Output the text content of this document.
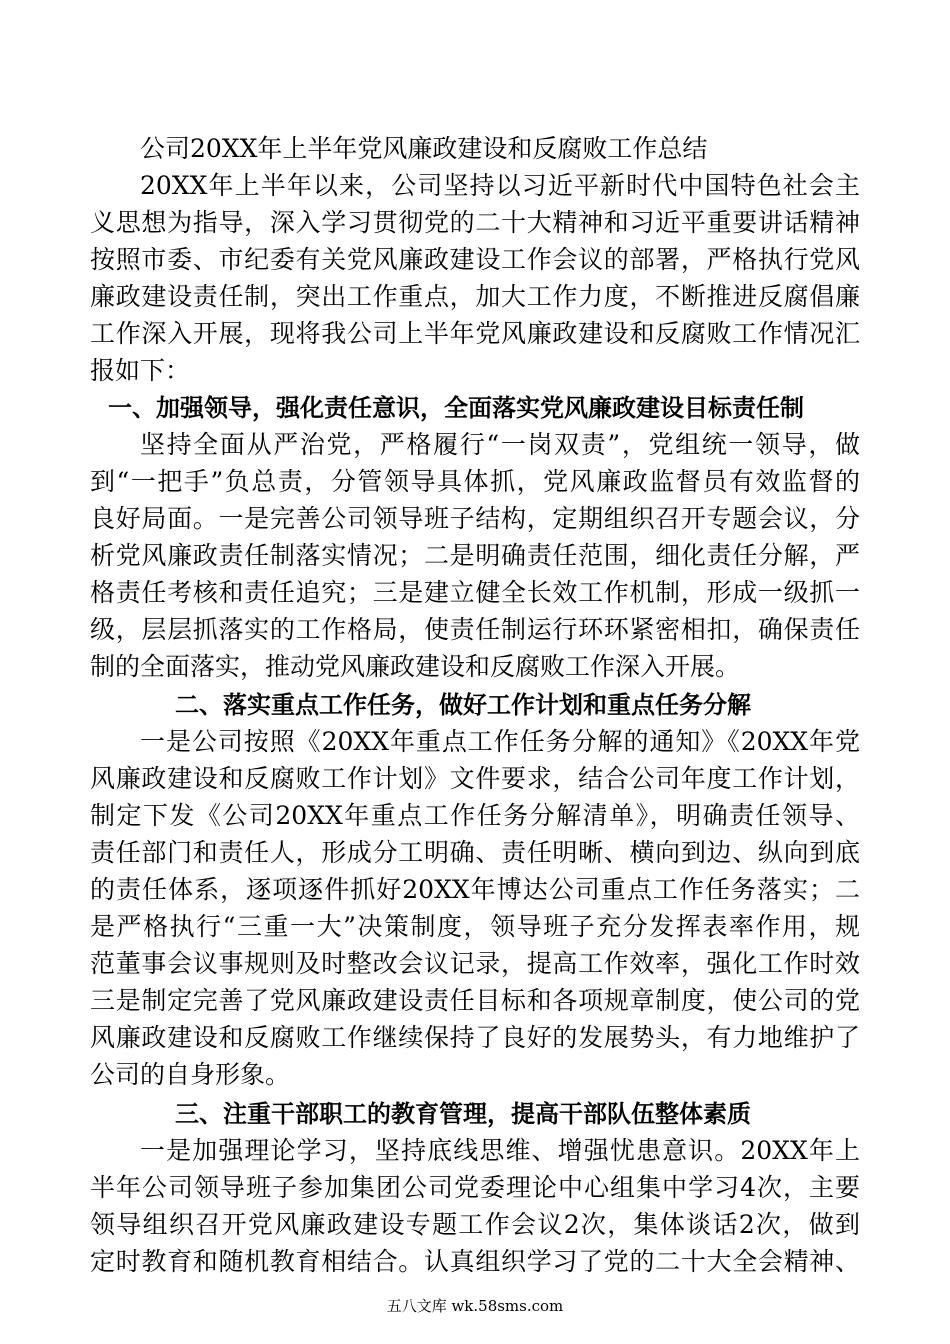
公司20XX年上半年党风廉政建设和反腐败工作总结
20XX年上半年以来，公司坚持以习近平新时代中国特色社会主
义思想为指导，深入学习贯彻党的二十大精神和习近平重要讲话精神
按照市委、市纪委有关党风廉政建设工作会议的部署，严格执行党风
廉政建设责任制，突出工作重点，加大工作力度，不断推进反腐倡廉
工作深入开展，现将我公司上半年党风廉政建设和反腐败工作情况汇
报如下：
一、加强领导，强化责任意识，全面落实党风廉政建设目标责任制
坚持全面从严治党，严格履行“一岗双责”，党组统一领导，做
到“一把手”负总责，分管领导具体抓，党风廉政监督员有效监督的
良好局面。一是完善公司领导班子结构，定期组织召开专题会议，分
析党风廉政责任制落实情况；二是明确责任范围，细化责任分解，严
格责任考核和责任追究；三是建立健全长效工作机制，形成一级抓一
级，层层抓落实的工作格局，使责任制运行环环紧密相扣，确保责任
制的全面落实，推动党风廉政建设和反腐败工作深入开展。
二、落实重点工作任务，做好工作计划和重点任务分解
一是公司按照《20XX年重点工作任务分解的通知》《20XX年党
风廉政建设和反腐败工作计划》文件要求，结合公司年度工作计划，
制定下发《公司20XX年重点工作任务分解清单》，明确责任领导、
责任部门和责任人，形成分工明确、责任明晰、横向到边、纵向到底
的责任体系，逐项逐件抓好20XX年博达公司重点工作任务落实；二
是严格执行“三重一大”决策制度，领导班子充分发挥表率作用，规
范董事会议事规则及时整改会议记录，提高工作效率，强化工作时效
三是制定完善了党风廉政建设责任目标和各项规章制度，使公司的党
风廉政建设和反腐败工作继续保持了良好的发展势头，有力地维护了
公司的自身形象。
三、注重干部职工的教育管理，提高干部队伍整体素质
一是加强理论学习，坚持底线思维、增强忧患意识。20XX年上
半年公司领导班子参加集团公司党委理论中心组集中学习4次，主要
领导组织召开党风廉政建设专题工作会议2次，集体谈话2次，做到
定时教育和随机教育相结合。认真组织学习了党的二十大全会精神、
五八文库 wk.58sms.com
